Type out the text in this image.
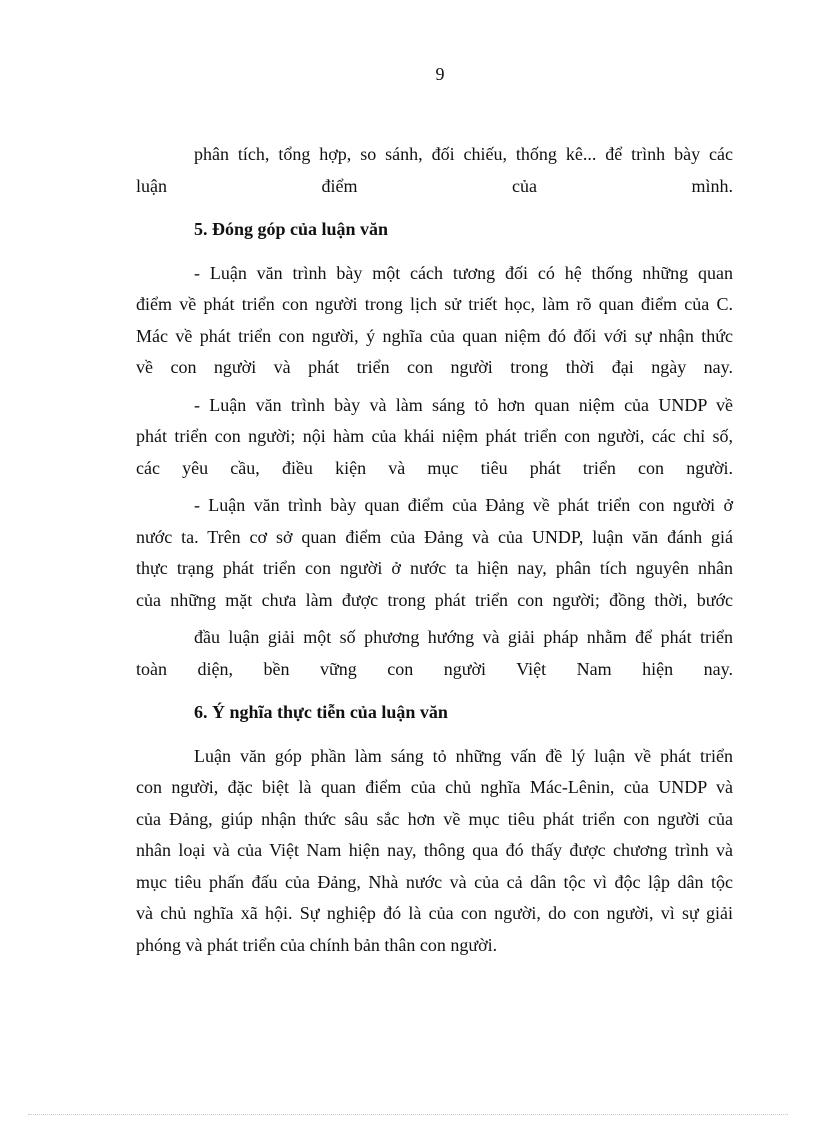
9
phân tích, tổng hợp, so sánh, đối chiếu, thống kê... để trình bày các
luận điểm của mình.
5. Đóng góp của luận văn
- Luận văn trình bày một cách tương đối có hệ thống những quan
điểm về phát triển con người trong lịch sử triết học, làm rõ quan điểm của C.
Mác về phát triển con người, ý nghĩa của quan niệm đó đối với sự nhận thức
về con người và phát triển con người trong thời đại ngày nay.
- Luận văn trình bày và làm sáng tỏ hơn quan niệm của UNDP về
phát triển con người; nội hàm của khái niệm phát triển con người, các chỉ số,
các yêu cầu, điều kiện và mục tiêu phát triển con người.
- Luận văn trình bày quan điểm của Đảng về phát triển con người ở
nước ta. Trên cơ sở quan điểm của Đảng và của UNDP, luận văn đánh giá
thực trạng phát triển con người ở nước ta hiện nay, phân tích nguyên nhân
của những mặt chưa làm được trong phát triển con người; đồng thời, bước
đầu luận giải một số phương hướng và giải pháp nhằm để phát triển
toàn diện, bền vững con người Việt Nam hiện nay.
6. Ý nghĩa thực tiễn của luận văn
Luận văn góp phần làm sáng tỏ những vấn đề lý luận về phát triển
con người, đặc biệt là quan điểm của chủ nghĩa Mác-Lênin, của UNDP và
của Đảng, giúp nhận thức sâu sắc hơn về mục tiêu phát triển con người của
nhân loại và của Việt Nam hiện nay, thông qua đó thấy được chương trình và
mục tiêu phấn đấu của Đảng, Nhà nước và của cả dân tộc vì độc lập dân tộc
và chủ nghĩa xã hội. Sự nghiệp đó là của con người, do con người, vì sự giải
phóng và phát triển của chính bản thân con người.
